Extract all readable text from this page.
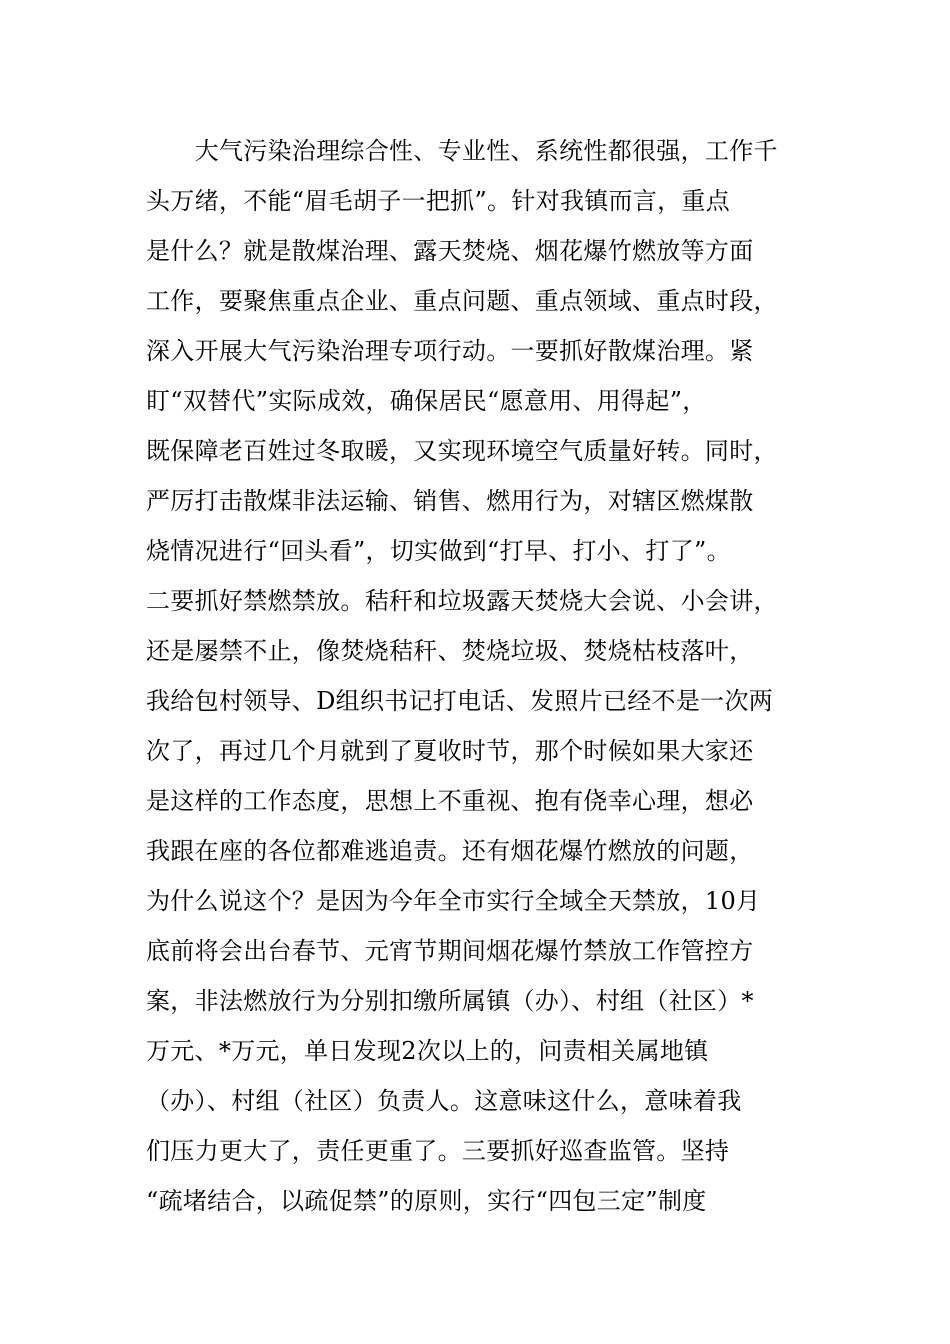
　　大气污染治理综合性、专业性、系统性都很强，工作千
头万绪，不能“眉毛胡子一把抓”。针对我镇而言，重点
是什么？就是散煤治理、露天焚烧、烟花爆竹燃放等方面
工作，要聚焦重点企业、重点问题、重点领域、重点时段，
深入开展大气污染治理专项行动。一要抓好散煤治理。紧
盯“双替代”实际成效，确保居民“愿意用、用得起”，
既保障老百姓过冬取暖，又实现环境空气质量好转。同时，
严厉打击散煤非法运输、销售、燃用行为，对辖区燃煤散
烧情况进行“回头看”，切实做到“打早、打小、打了”。
二要抓好禁燃禁放。秸秆和垃圾露天焚烧大会说、小会讲，
还是屡禁不止，像焚烧秸秆、焚烧垃圾、焚烧枯枝落叶，
我给包村领导、D组织书记打电话、发照片已经不是一次两
次了，再过几个月就到了夏收时节，那个时候如果大家还
是这样的工作态度，思想上不重视、抱有侥幸心理，想必
我跟在座的各位都难逃追责。还有烟花爆竹燃放的问题，
为什么说这个？是因为今年全市实行全域全天禁放，10月
底前将会出台春节、元宵节期间烟花爆竹禁放工作管控方
案，非法燃放行为分别扣缴所属镇（办）、村组（社区）*
万元、*万元，单日发现2次以上的，问责相关属地镇
（办）、村组（社区）负责人。这意味这什么，意味着我
们压力更大了，责任更重了。三要抓好巡查监管。坚持
“疏堵结合，以疏促禁”的原则，实行“四包三定”制度
